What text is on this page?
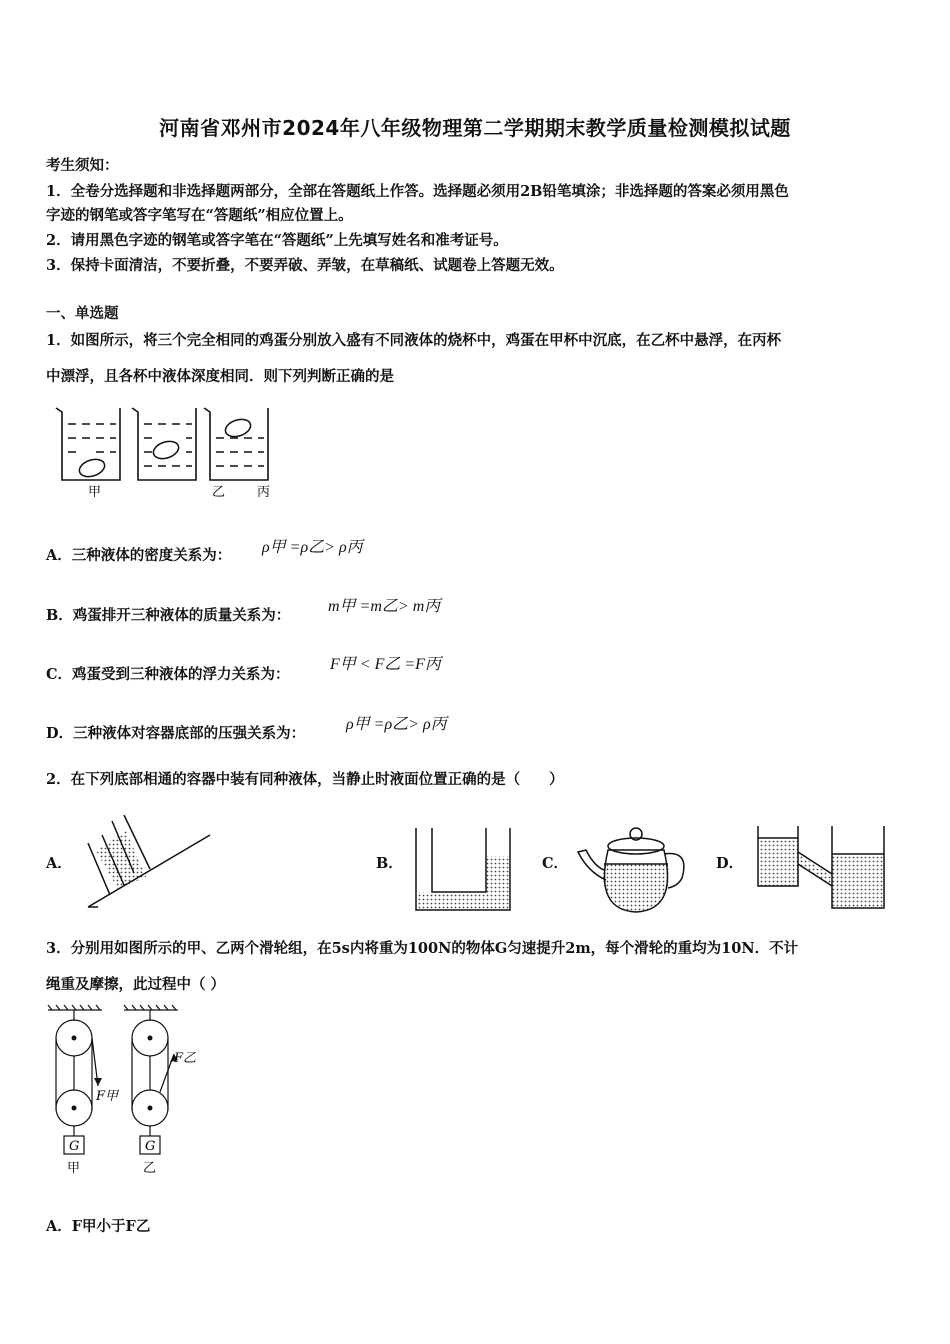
河南省邓州市2024年八年级物理第二学期期末教学质量检测模拟试题
考生须知：
1．全卷分选择题和非选择题两部分，全部在答题纸上作答。选择题必须用2B铅笔填涂；非选择题的答案必须用黑色
字迹的钢笔或答字笔写在“答题纸”相应位置上。
2．请用黑色字迹的钢笔或答字笔在“答题纸”上先填写姓名和准考证号。
3．保持卡面清洁，不要折叠，不要弄破、弄皱，在草稿纸、试题卷上答题无效。
一、单选题
1．如图所示，将三个完全相同的鸡蛋分别放入盛有不同液体的烧杯中，鸡蛋在甲杯中沉底，在乙杯中悬浮，在丙杯
中漂浮，且各杯中液体深度相同．则下列判断正确的是
甲	乙 丙
A．三种液体的密度关系为： ρ甲 =ρ乙> ρ丙
B．鸡蛋排开三种液体的质量关系为：
m甲 =m乙> m丙
C．鸡蛋受到三种液体的浮力关系为：
F甲 < F乙 =F丙
D．三种液体对容器底部的压强关系为：
ρ甲 =ρ乙> ρ丙
2．在下列底部相通的容器中装有同种液体，当静止时液面位置正确的是（　　）
A．	B．	C．	D．
3．分别用如图所示的甲、乙两个滑轮组，在5s内将重为100N的物体G匀速提升2m，每个滑轮的重均为10N．不计
绳重及摩擦，此过程中（ ）
F甲
F乙
G	G
甲	乙
A．F甲小于F乙
